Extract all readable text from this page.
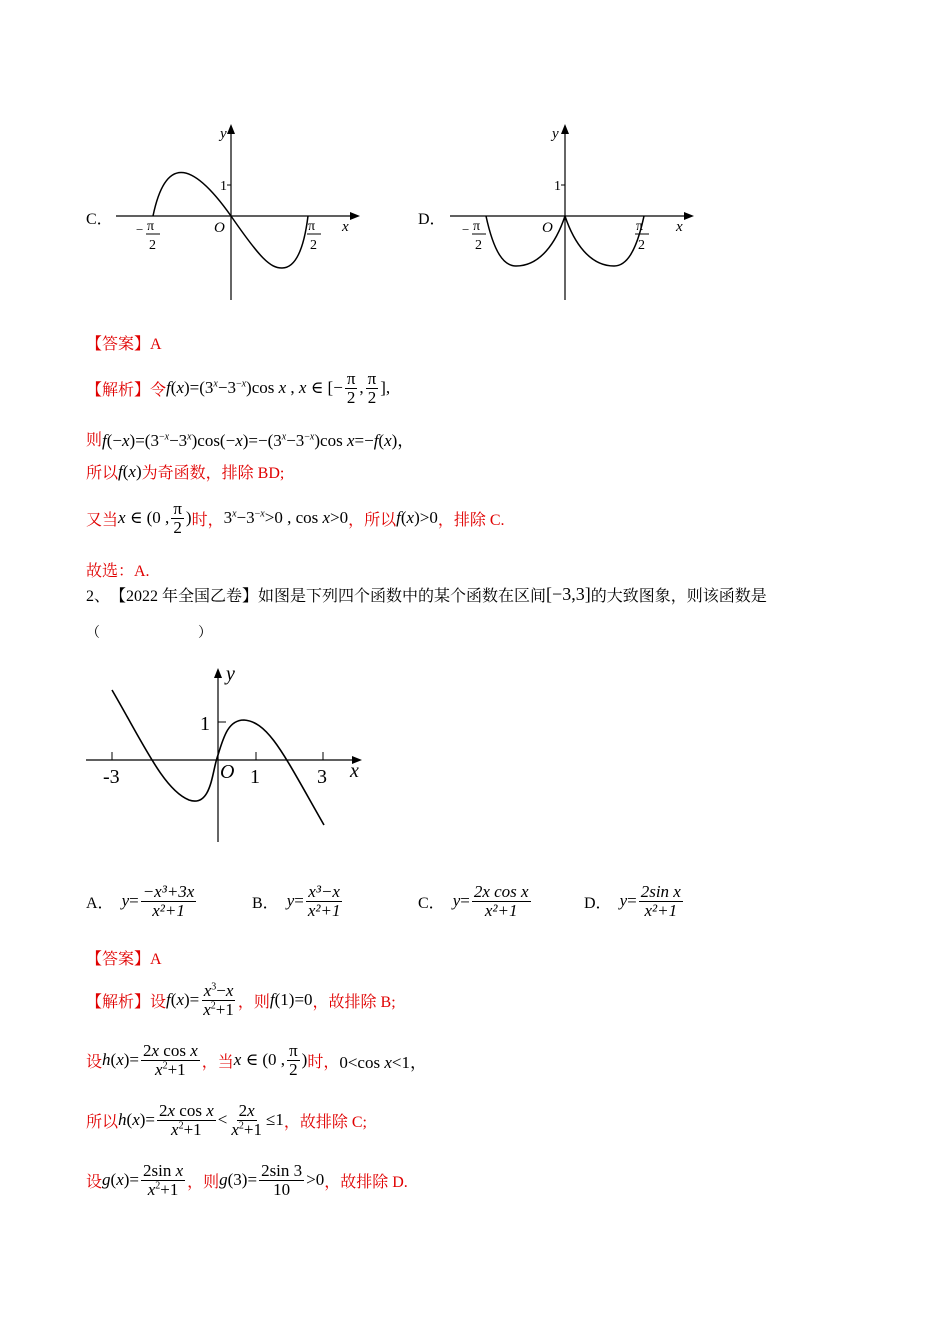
C．
y
x
1
O
− π
2
π
2
D．
y
x
1
O
− π
2
π
2
【答案】A
【解析】 令 $f(x)=(3^x-3^{-x})\cos$ x , x ∈ [− $\frac{\pi}{2}$ , $\frac{\pi}{2}$ ],
则 $f(-x)=(3^{-x}-3^x)\cos(-x)=-(3^x-3^{-x})\cos$ x=−f(x)，
所以 f(x) 为奇函数，排除 BD;
又当 x ∈ (0 , $\frac{\pi}{2}$ ) 时， $3^x-3^{-x}>0$ , cos x>0 ，所以 f(x)>0 ，排除 C.
故选：A.
2、 【2022 年全国乙卷】 如图是下列四个函数中的某个函数在区间 [−3,3] 的大致图象，则该函数是
（　　　　　　　）
y
x
1
O 1	3
-3
A． $y = \frac{\text{−x³+3x}}{\text{x²+1}}$	B． $y = \frac{\text{x³−x}}{\text{x²+1}}$	C． $y = \frac{\text{2x cos x}}{\text{x²+1}}$	D． $y = \frac{\text{2sin x}}{\text{x²+1}}$
【答案】A
【解析】 设 $f(x)= \frac{x^3-x}{x^2+1}$ ，则 f(1)=0 ，故排除 B;
设 $h(x)= \frac{\text{2x cos x}}{x^2+1}$ ，当 x ∈ (0 , $\frac{\pi}{2}$ ) 时， 0<cos x<1，
所以 $h(x)= \frac{\text{2x cos x}}{x^2+1} < \frac{2x}{x^2+1} \le 1$ ，故排除 C;
设 $g(x)= \frac{\text{2sin x}}{x^2+1}$ ，则 $g(3)= \frac{2\sin 3}{10} >0$ ，故排除 D.
